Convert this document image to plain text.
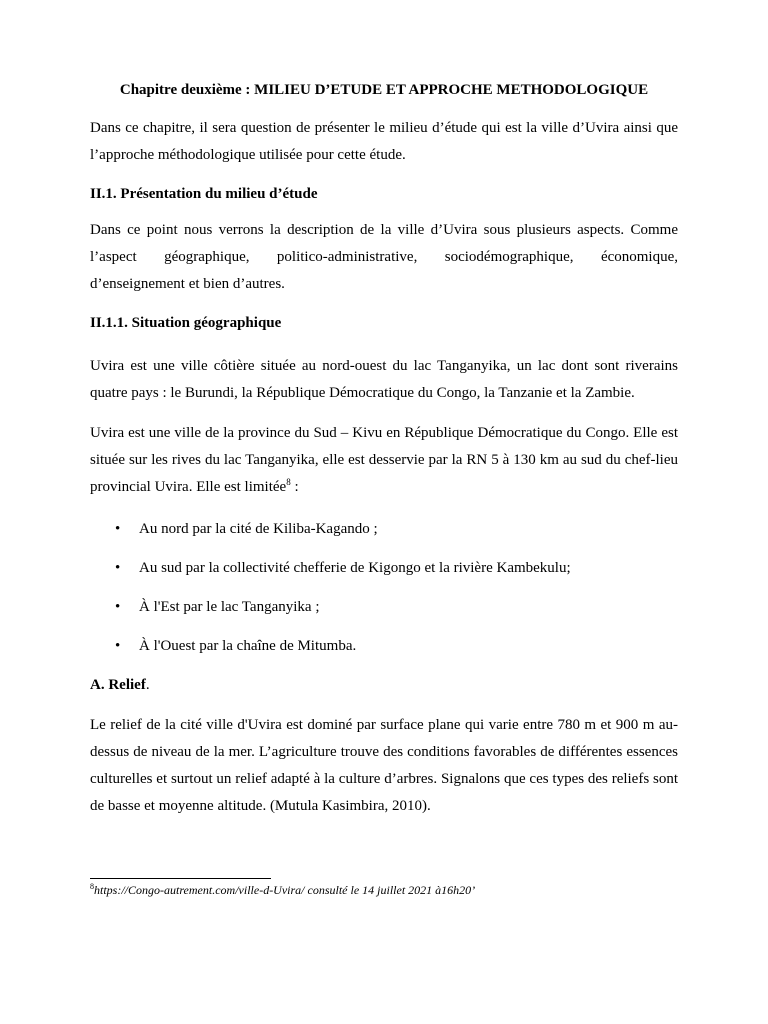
Chapitre deuxième : MILIEU D’ETUDE ET APPROCHE METHODOLOGIQUE

Dans ce chapitre, il sera question de présenter le milieu d’étude qui est la ville d’Uvira ainsi que l’approche méthodologique utilisée pour cette étude.

II.1. Présentation du milieu d’étude

Dans ce point nous verrons la description de la ville d’Uvira sous plusieurs aspects. Comme l’aspect géographique, politico-administrative, sociodémographique, économique, d’enseignement et bien d’autres.

II.1.1. Situation géographique

Uvira est une ville côtière située au nord-ouest du lac Tanganyika, un lac dont sont riverains quatre pays : le Burundi, la République Démocratique du Congo, la Tanzanie et la Zambie.

Uvira est une ville de la province du Sud – Kivu en République Démocratique du Congo. Elle est située sur les rives du lac Tanganyika, elle est desservie par la RN 5 à 130 km au sud du chef-lieu provincial Uvira. Elle est limitée$^8$ :

• Au nord par la cité de Kiliba-Kagando ;
• Au sud par la collectivité chefferie de Kigongo et la rivière Kambekulu;
• À l'Est par le lac Tanganyika ;
• À l'Ouest par la chaîne de Mitumba.
A. Relief.

Le relief de la cité ville d'Uvira est dominé par surface plane qui varie entre 780 m et 900 m au-dessus de niveau de la mer. L’agriculture trouve des conditions favorables de différentes essences culturelles et surtout un relief adapté à la culture d’arbres. Signalons que ces types des reliefs sont de basse et moyenne altitude. (Mutula Kasimbira, 2010).

$^8$https://Congo-autrement.com/ville-d-Uvira/ consulté le 14 juillet 2021 à16h20’
